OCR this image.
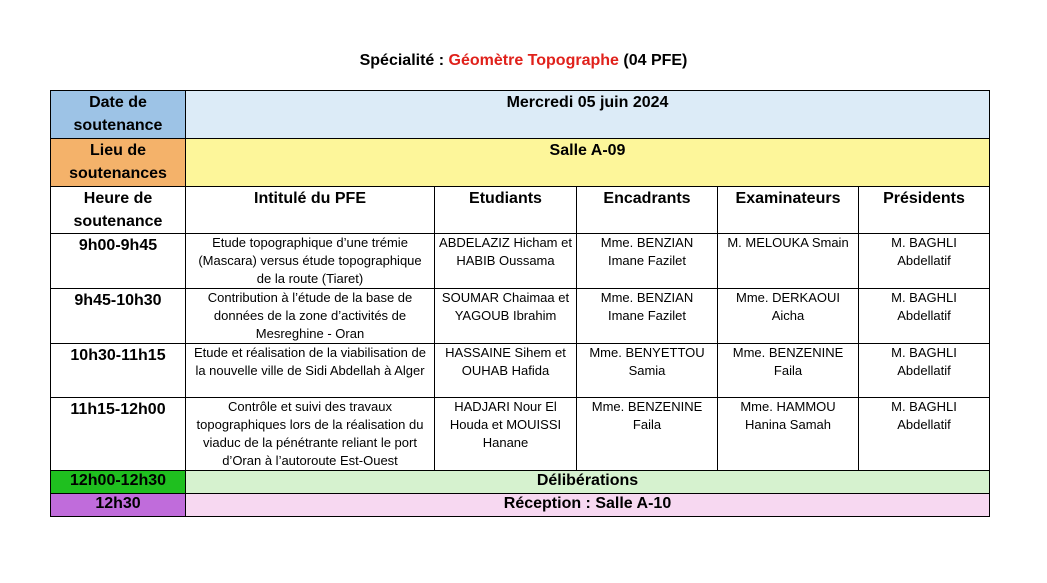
Spécialité : Géomètre Topographe (04 PFE)
Date de soutenance	Mercredi 05 juin 2024				
Lieu de soutenances	Salle A-09				
Heure de soutenance	Intitulé du PFE	Etudiants	Encadrants	Examinateurs	Présidents
9h00-9h45	Etude topographique d’une trémie (Mascara) versus étude topographique de la route (Tiaret)	ABDELAZIZ Hicham et HABIB Oussama	Mme. BENZIAN Imane Fazilet	M. MELOUKA Smain	M. BAGHLI Abdellatif
9h45-10h30	Contribution à l’étude de la base de données de la zone d’activités de Mesreghine - Oran	SOUMAR Chaimaa et YAGOUB Ibrahim	Mme. BENZIAN Imane Fazilet	Mme. DERKAOUI Aicha	M. BAGHLI Abdellatif
10h30-11h15	Etude et réalisation de la viabilisation de la nouvelle ville de Sidi Abdellah à Alger	HASSAINE Sihem et OUHAB Hafida	Mme. BENYETTOU Samia	Mme. BENZENINE Faila	M. BAGHLI Abdellatif
11h15-12h00	Contrôle et suivi des travaux topographiques lors de la réalisation du viaduc de la pénétrante reliant le port d’Oran à l’autoroute Est-Ouest	HADJARI Nour El Houda et MOUISSI Hanane	Mme. BENZENINE Faila	Mme. HAMMOU Hanina Samah	M. BAGHLI Abdellatif
12h00-12h30	Délibérations				
12h30	Réception : Salle A-10				
